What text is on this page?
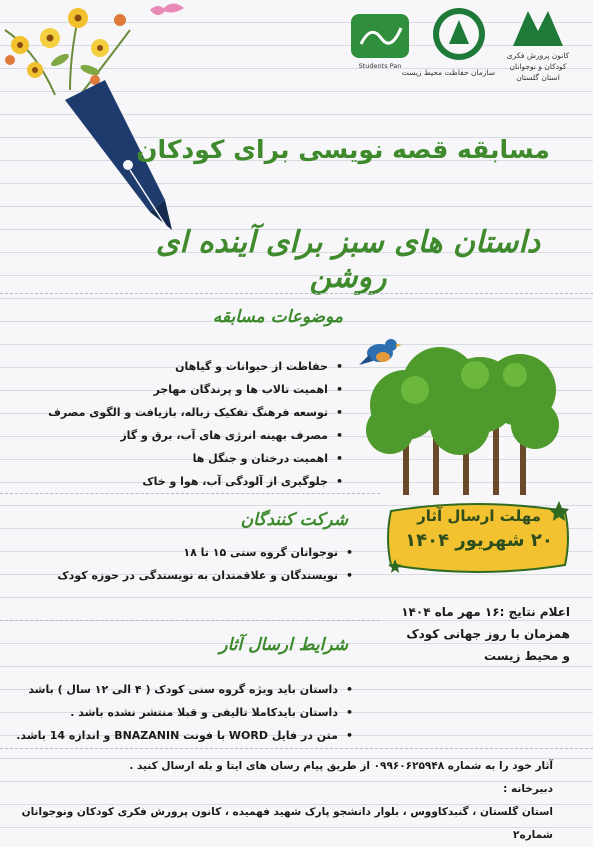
کانون پرورش فکری
کودکان و نوجوانان
استان گلستان
سازمان حفاظت محیط زیست
Students Pan
مسابقه قصه نویسی برای کودکان
داستان های سبز برای آینده ای روشن
موضوعات مسابقه
• حفاظت از حیوانات و گیاهان
• اهمیت تالاب ها و پرندگان مهاجر
• توسعه فرهنگ تفکیک زباله، بازیافت و الگوی مصرف
• مصرف بهینه انرژی های آب، برق و گاز
• اهمیت درختان و جنگل ها
• جلوگیری از آلودگی آب، هوا و خاک
مهلت ارسال آثار
۲۰ شهریور ۱۴۰۴
شرکت کنندگان
• نوجوانان گروه سنی ۱۵ تا ۱۸
• نویسندگان و علاقمندان به نویسندگی در حوزه کودک
اعلام نتایج :۱۶ مهر ماه ۱۴۰۴
همزمان با روز جهانی کودک
و محیط زیست
شرایط ارسال آثار
• داستان باید ویژه گروه سنی کودک ( ۴ الی ۱۲ سال ) باشد
• داستان بایدکاملا تالیفی و قبلا منتشر نشده باشد .
• متن در فایل WORD با فونت BNAZANIN و اندازه 14 باشد.
آثار خود را به شماره ۰۹۹۶۰۶۲۵۹۴۸ از طریق پیام رسان های ایتا و بله ارسال کنید .
دبیرخانه :
استان گلستان ، گنبدکاووس ، بلوار دانشجو پارک شهید فهمیده ، کانون پرورش فکری کودکان ونوجوانان شماره۲
